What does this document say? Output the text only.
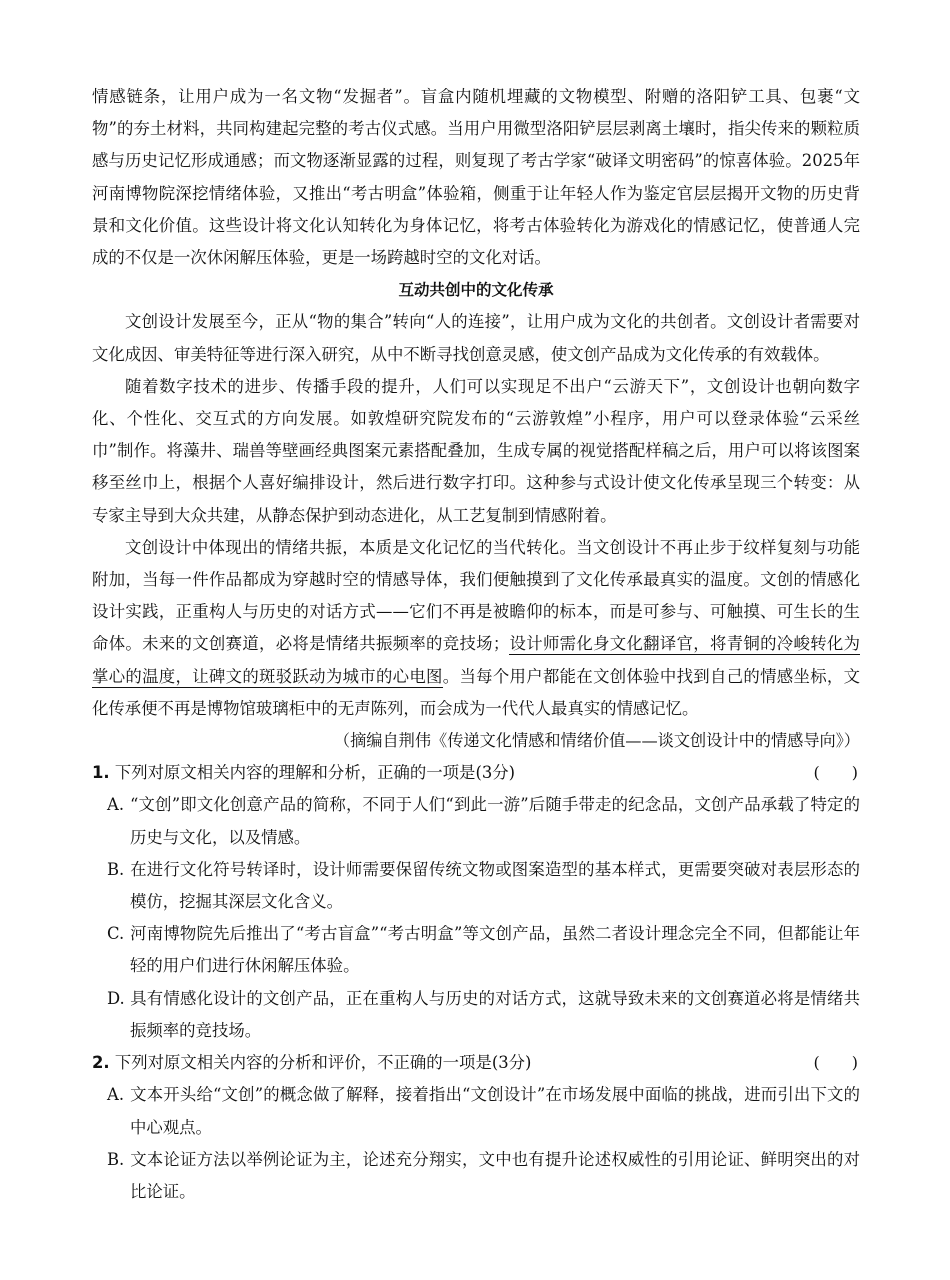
情感链条，让用户成为一名文物“发掘者”。盲盒内随机埋藏的文物模型、附赠的洛阳铲工具、包裹“文物”的夯土材料，共同构建起完整的考古仪式感。当用户用微型洛阳铲层层剥离土壤时，指尖传来的颗粒质感与历史记忆形成通感；而文物逐渐显露的过程，则复现了考古学家“破译文明密码”的惊喜体验。2025年河南博物院深挖情绪体验，又推出“考古明盒”体验箱，侧重于让年轻人作为鉴定官层层揭开文物的历史背景和文化价值。这些设计将文化认知转化为身体记忆，将考古体验转化为游戏化的情感记忆，使普通人完成的不仅是一次休闲解压体验，更是一场跨越时空的文化对话。

互动共创中的文化传承

文创设计发展至今，正从“物的集合”转向“人的连接”，让用户成为文化的共创者。文创设计者需要对文化成因、审美特征等进行深入研究，从中不断寻找创意灵感，使文创产品成为文化传承的有效载体。

随着数字技术的进步、传播手段的提升，人们可以实现足不出户“云游天下”，文创设计也朝向数字化、个性化、交互式的方向发展。如敦煌研究院发布的“云游敦煌”小程序，用户可以登录体验“云采丝巾”制作。将藻井、瑞兽等壁画经典图案元素搭配叠加，生成专属的视觉搭配样稿之后，用户可以将该图案移至丝巾上，根据个人喜好编排设计，然后进行数字打印。这种参与式设计使文化传承呈现三个转变：从专家主导到大众共建，从静态保护到动态进化，从工艺复制到情感附着。

文创设计中体现出的情绪共振，本质是文化记忆的当代转化。当文创设计不再止步于纹样复刻与功能附加，当每一件作品都成为穿越时空的情感导体，我们便触摸到了文化传承最真实的温度。文创的情感化设计实践，正重构人与历史的对话方式——它们不再是被瞻仰的标本，而是可参与、可触摸、可生长的生命体。未来的文创赛道，必将是情绪共振频率的竞技场；设计师需化身文化翻译官，将青铜的冷峻转化为掌心的温度，让碑文的斑驳跃动为城市的心电图。当每个用户都能在文创体验中找到自己的情感坐标，文化传承便不再是博物馆玻璃柜中的无声陈列，而会成为一代代人最真实的情感记忆。

（摘编自荆伟《传递文化情感和情绪价值——谈文创设计中的情感导向》）

1. 下列对原文相关内容的理解和分析，正确的一项是(3分)	(　　)

A. “文创”即文化创意产品的简称，不同于人们“到此一游”后随手带走的纪念品，文创产品承载了特定的历史与文化，以及情感。

B. 在进行文化符号转译时，设计师需要保留传统文物或图案造型的基本样式，更需要突破对表层形态的模仿，挖掘其深层文化含义。

C. 河南博物院先后推出了“考古盲盒”“考古明盒”等文创产品，虽然二者设计理念完全不同，但都能让年轻的用户们进行休闲解压体验。

D. 具有情感化设计的文创产品，正在重构人与历史的对话方式，这就导致未来的文创赛道必将是情绪共振频率的竞技场。

2. 下列对原文相关内容的分析和评价，不正确的一项是(3分)	(　　)

A. 文本开头给“文创”的概念做了解释，接着指出“文创设计”在市场发展中面临的挑战，进而引出下文的中心观点。

B. 文本论证方法以举例论证为主，论述充分翔实，文中也有提升论述权威性的引用论证、鲜明突出的对比论证。
